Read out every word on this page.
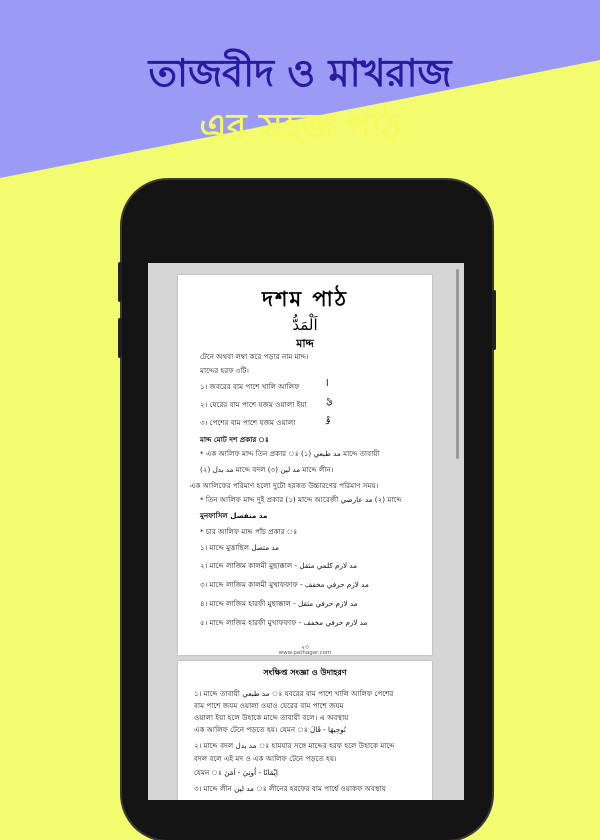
তাজবীদ ও মাখরাজ
এর সহজ পাঠ
দশম পাঠ
اَلْمَدُّ
মাদ্দ
টেনে অথবা লম্বা করে পড়ার নাম মাদ্দ।
মাদ্দের হরফ ৩টি।
১। জবরের বাম পাশে খালি আলিফ	ا
২। যেরের বাম পাশে যজম ওয়ালা ইয়া	يْ
৩। পেশের বাম পাশে যজম ওয়ালা	وْ
মাদ্দ মোট দশ প্রকার ঃ
* এক আলিফ মাদ্দ তিন প্রকার ঃ (১) مد طبعي মাদ্দে তাবায়ী
(২) مد بدل মাদ্দে বদল (৩) مد لين মাদ্দে লীন।
এক আলিফের পরিমাণ হলো দুটো হরকত উচ্চারণের পরিমাণ সময়।
* তিন আলিফ মাদ্দ দুই প্রকার (১) মাদ্দে আরেজী مد عارضي (২) মাদ্দে
মুনফাসিল مد منفصل
* চার আলিফ মাদ্দ পাঁচ প্রকার ঃ
১। মাদ্দে মুত্তাছিল مد متصل
২। মাদ্দে লাজিম কালমী মুছাক্কাল - مد لازم كلمي مثقل
৩। মাদ্দে লাজিম কালমী মুখাফফাফ - مد لازم حرفي مخفف
৪। মাদ্দে লাজিম হারফী মুছাক্কাল - مد لازم حرفي مثقل
৫। মাদ্দে লাজিম হারফী মুখাফফাফ - مد لازم حرفي مخفف
২৩
www.pathagar.com
সংক্ষিপ্ত সংজ্ঞা ও উদাহরণ
১। মাদ্দে তাবায়ী مد طبعي ঃ যবরের বাম পাশে খালি আলিফ পেশের
বাম পাশে জযম ওয়ালা ওয়াও যেরের বাম পাশে জযম
ওয়ালা ইয়া হলে উহাকে মাদ্দে তাবায়ী বলে। এ অবস্থায়
এক আলিফ টেনে পড়তে হয়। যেমন ঃ نُوحِيهَا - قَالَ
২। মাদ্দে বদল مد بدل ঃ হামযার সঙ্গে মাদ্দের হরফ হলে উহাকে মাদ্দে
বদল বলে এই মদ ও এক আলিফ টেনে পড়তে হয়।
যেমন ঃ اِيْمَانًا - اُوتِيَ - اَمَنَ
৩। মাদ্দে লীন مد لين ঃ লীনের হরফের বাম পার্শ্বে ওয়াকফ অবস্থায়
